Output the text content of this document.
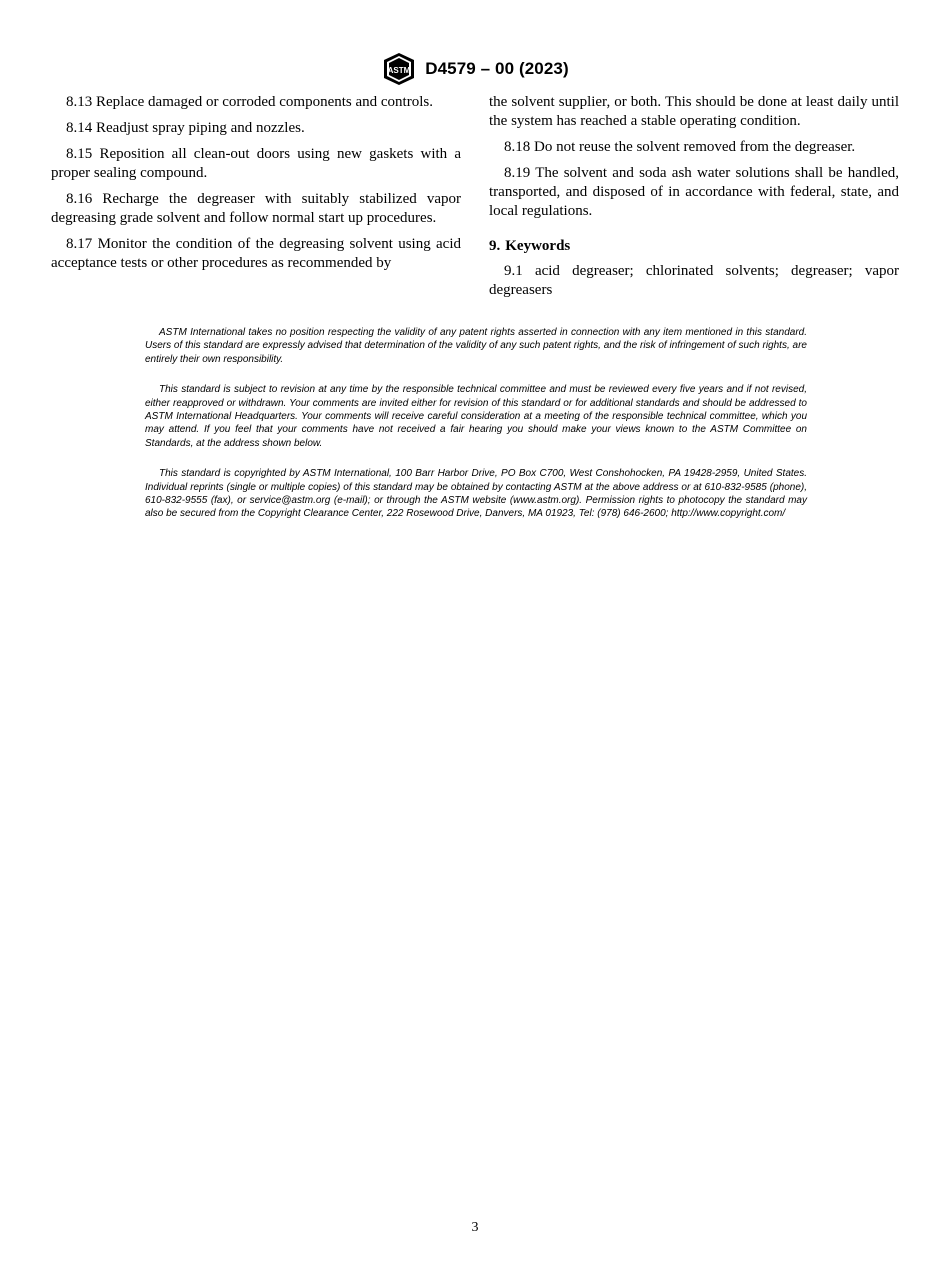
ASTM D4579 – 00 (2023)

8.13 Replace damaged or corroded components and controls.

8.14 Readjust spray piping and nozzles.

8.15 Reposition all clean-out doors using new gaskets with a proper sealing compound.

8.16 Recharge the degreaser with suitably stabilized vapor degreasing grade solvent and follow normal start up procedures.

8.17 Monitor the condition of the degreasing solvent using acid acceptance tests or other procedures as recommended by

the solvent supplier, or both. This should be done at least daily until the system has reached a stable operating condition.

8.18 Do not reuse the solvent removed from the degreaser.

8.19 The solvent and soda ash water solutions shall be handled, transported, and disposed of in accordance with federal, state, and local regulations.

9. Keywords

9.1 acid degreaser; chlorinated solvents; degreaser; vapor degreasers

ASTM International takes no position respecting the validity of any patent rights asserted in connection with any item mentioned in this standard. Users of this standard are expressly advised that determination of the validity of any such patent rights, and the risk of infringement of such rights, are entirely their own responsibility.

This standard is subject to revision at any time by the responsible technical committee and must be reviewed every five years and if not revised, either reapproved or withdrawn. Your comments are invited either for revision of this standard or for additional standards and should be addressed to ASTM International Headquarters. Your comments will receive careful consideration at a meeting of the responsible technical committee, which you may attend. If you feel that your comments have not received a fair hearing you should make your views known to the ASTM Committee on Standards, at the address shown below.

This standard is copyrighted by ASTM International, 100 Barr Harbor Drive, PO Box C700, West Conshohocken, PA 19428-2959, United States. Individual reprints (single or multiple copies) of this standard may be obtained by contacting ASTM at the above address or at 610-832-9585 (phone), 610-832-9555 (fax), or service@astm.org (e-mail); or through the ASTM website (www.astm.org). Permission rights to photocopy the standard may also be secured from the Copyright Clearance Center, 222 Rosewood Drive, Danvers, MA 01923, Tel: (978) 646-2600; http://www.copyright.com/

3
